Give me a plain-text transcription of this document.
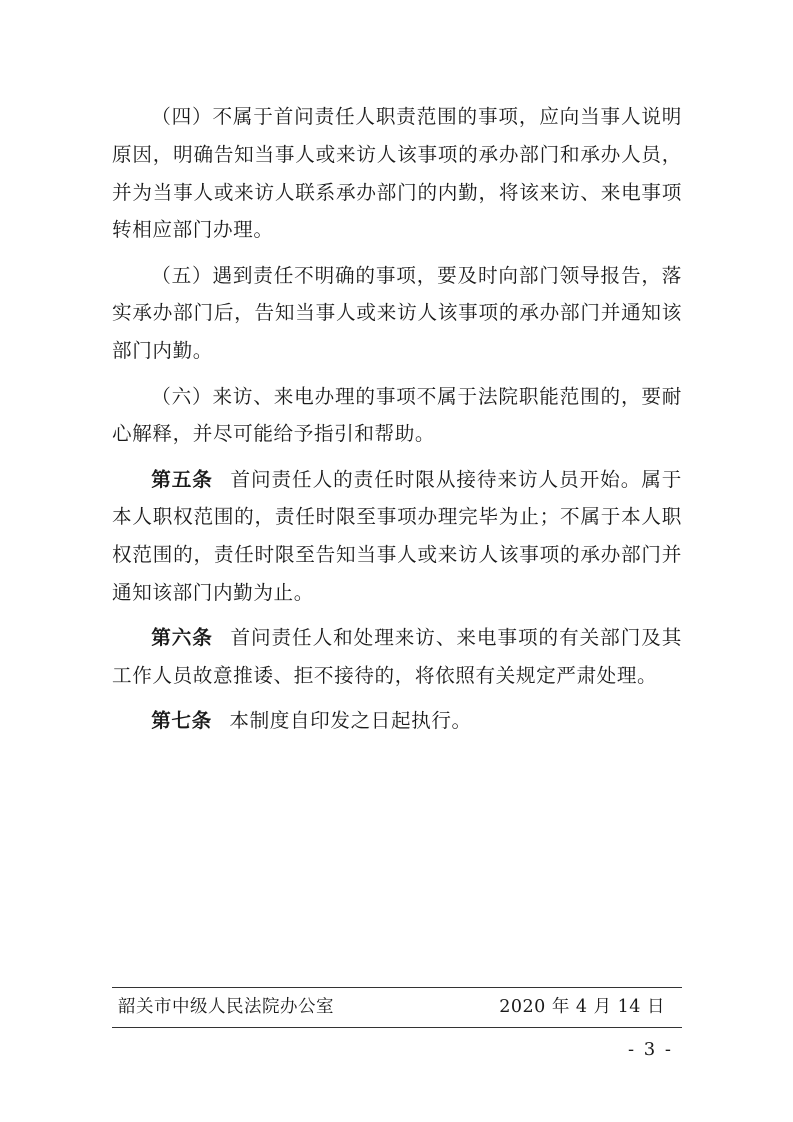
（四）不属于首问责任人职责范围的事项，应向当事人说明原因，明确告知当事人或来访人该事项的承办部门和承办人员，并为当事人或来访人联系承办部门的内勤，将该来访、来电事项转相应部门办理。

（五）遇到责任不明确的事项，要及时向部门领导报告，落实承办部门后，告知当事人或来访人该事项的承办部门并通知该部门内勤。

（六）来访、来电办理的事项不属于法院职能范围的，要耐心解释，并尽可能给予指引和帮助。

第五条 首问责任人的责任时限从接待来访人员开始。属于本人职权范围的，责任时限至事项办理完毕为止；不属于本人职权范围的，责任时限至告知当事人或来访人该事项的承办部门并通知该部门内勤为止。

第六条 首问责任人和处理来访、来电事项的有关部门及其工作人员故意推诿、拒不接待的，将依照有关规定严肃处理。

第七条 本制度自印发之日起执行。

韶关市中级人民法院办公室	2020 年 4 月 14 日
- 3 -
